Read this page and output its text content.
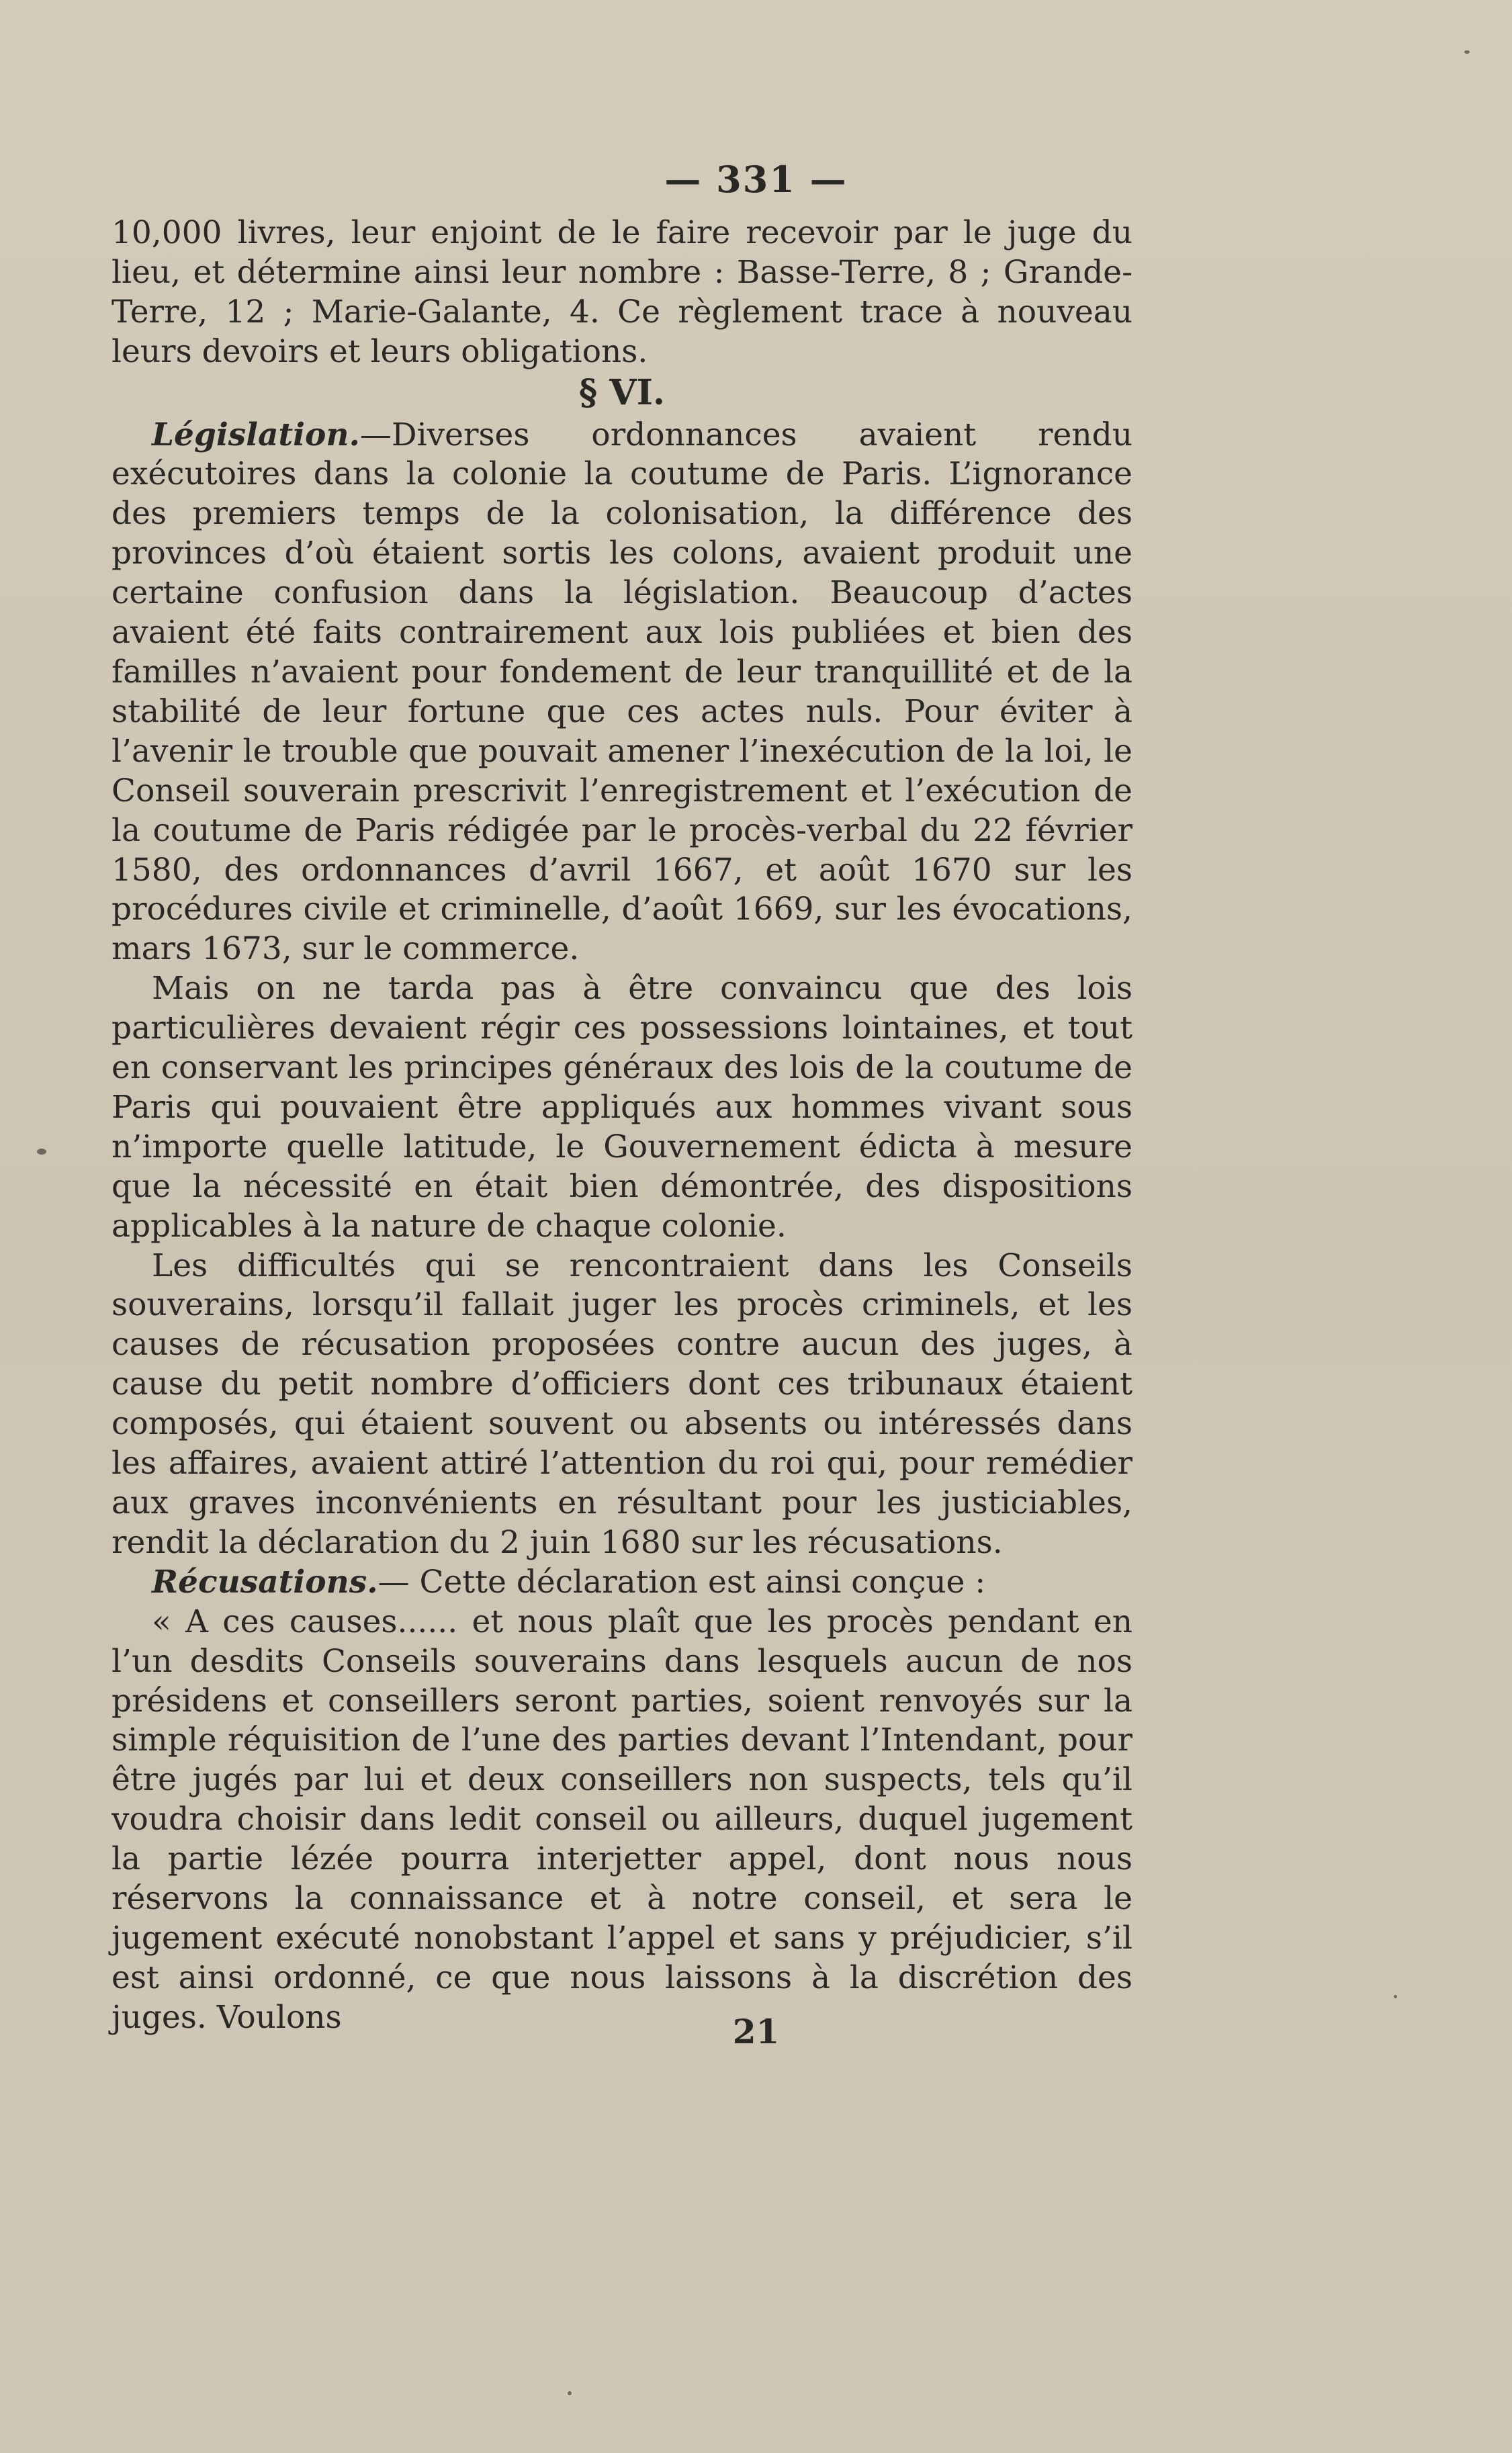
— 331 —

10,000 livres, leur enjoint de le faire recevoir par le juge du lieu, et détermine ainsi leur nombre : Basse-Terre, 8 ; Grande-Terre, 12 ; Marie-Galante, 4. Ce règlement trace à nouveau leurs devoirs et leurs obligations.

§ VI.

Législation.—Diverses ordonnances avaient rendu exécutoires dans la colonie la coutume de Paris. L’ignorance des premiers temps de la colonisation, la différence des provinces d’où étaient sortis les colons, avaient produit une certaine confusion dans la législation. Beaucoup d’actes avaient été faits contrairement aux lois publiées et bien des familles n’avaient pour fondement de leur tranquillité et de la stabilité de leur fortune que ces actes nuls. Pour éviter à l’avenir le trouble que pouvait amener l’inexécution de la loi, le Conseil souverain prescrivit l’enregistrement et l’exécution de la coutume de Paris rédigée par le procès-verbal du 22 février 1580, des ordonnances d’avril 1667, et août 1670 sur les procédures civile et criminelle, d’août 1669, sur les évocations, mars 1673, sur le commerce.

Mais on ne tarda pas à être convaincu que des lois particulières devaient régir ces possessions lointaines, et tout en conservant les principes généraux des lois de la coutume de Paris qui pouvaient être appliqués aux hommes vivant sous n’importe quelle latitude, le Gouvernement édicta à mesure que la nécessité en était bien démontrée, des dispositions applicables à la nature de chaque colonie.

Les difficultés qui se rencontraient dans les Conseils souverains, lorsqu’il fallait juger les procès criminels, et les causes de récusation proposées contre aucun des juges, à cause du petit nombre d’officiers dont ces tribunaux étaient composés, qui étaient souvent ou absents ou intéressés dans les affaires, avaient attiré l’attention du roi qui, pour remédier aux graves inconvénients en résultant pour les justiciables, rendit la déclaration du 2 juin 1680 sur les récusations.

Récusations.— Cette déclaration est ainsi conçue :

« A ces causes...... et nous plaît que les procès pendant en l’un desdits Conseils souverains dans lesquels aucun de nos présidens et conseillers seront parties, soient renvoyés sur la simple réquisition de l’une des parties devant l’Intendant, pour être jugés par lui et deux conseillers non suspects, tels qu’il voudra choisir dans ledit conseil ou ailleurs, duquel jugement la partie lézée pourra interjetter appel, dont nous nous réservons la connaissance et à notre conseil, et sera le jugement exécuté nonobstant l’appel et sans y préjudicier, s’il est ainsi ordonné, ce que nous laissons à la discrétion des juges. Voulons	21
